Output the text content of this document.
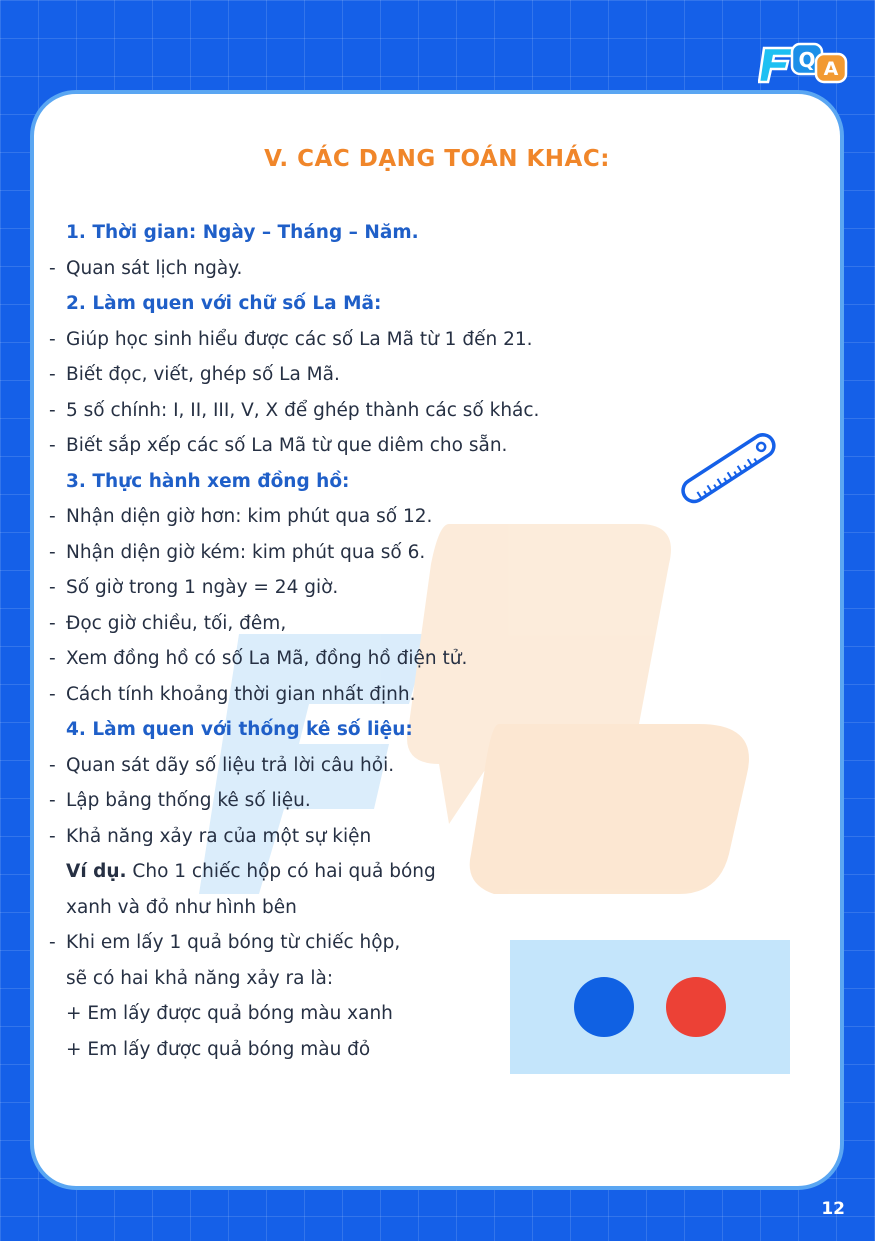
Q A
V. CÁC DẠNG TOÁN KHÁC:
1. Thời gian: Ngày – Tháng – Năm.
- Quan sát lịch ngày.
2. Làm quen với chữ số La Mã:
- Giúp học sinh hiểu được các số La Mã từ 1 đến 21.
- Biết đọc, viết, ghép số La Mã.
- 5 số chính: I, II, III, V, X để ghép thành các số khác.
- Biết sắp xếp các số La Mã từ que diêm cho sẵn.
3. Thực hành xem đồng hồ:
- Nhận diện giờ hơn: kim phút qua số 12.
- Nhận diện giờ kém: kim phút qua số 6.
- Số giờ trong 1 ngày = 24 giờ.
- Đọc giờ chiều, tối, đêm,
- Xem đồng hồ có số La Mã, đồng hồ điện tử.
- Cách tính khoảng thời gian nhất định.
4. Làm quen với thống kê số liệu:
- Quan sát dãy số liệu trả lời câu hỏi.
- Lập bảng thống kê số liệu.
- Khả năng xảy ra của một sự kiện
Ví dụ. Cho 1 chiếc hộp có hai quả bóng
xanh và đỏ như hình bên
- Khi em lấy 1 quả bóng từ chiếc hộp,
sẽ có hai khả năng xảy ra là:
+ Em lấy được quả bóng màu xanh
+ Em lấy được quả bóng màu đỏ
12
